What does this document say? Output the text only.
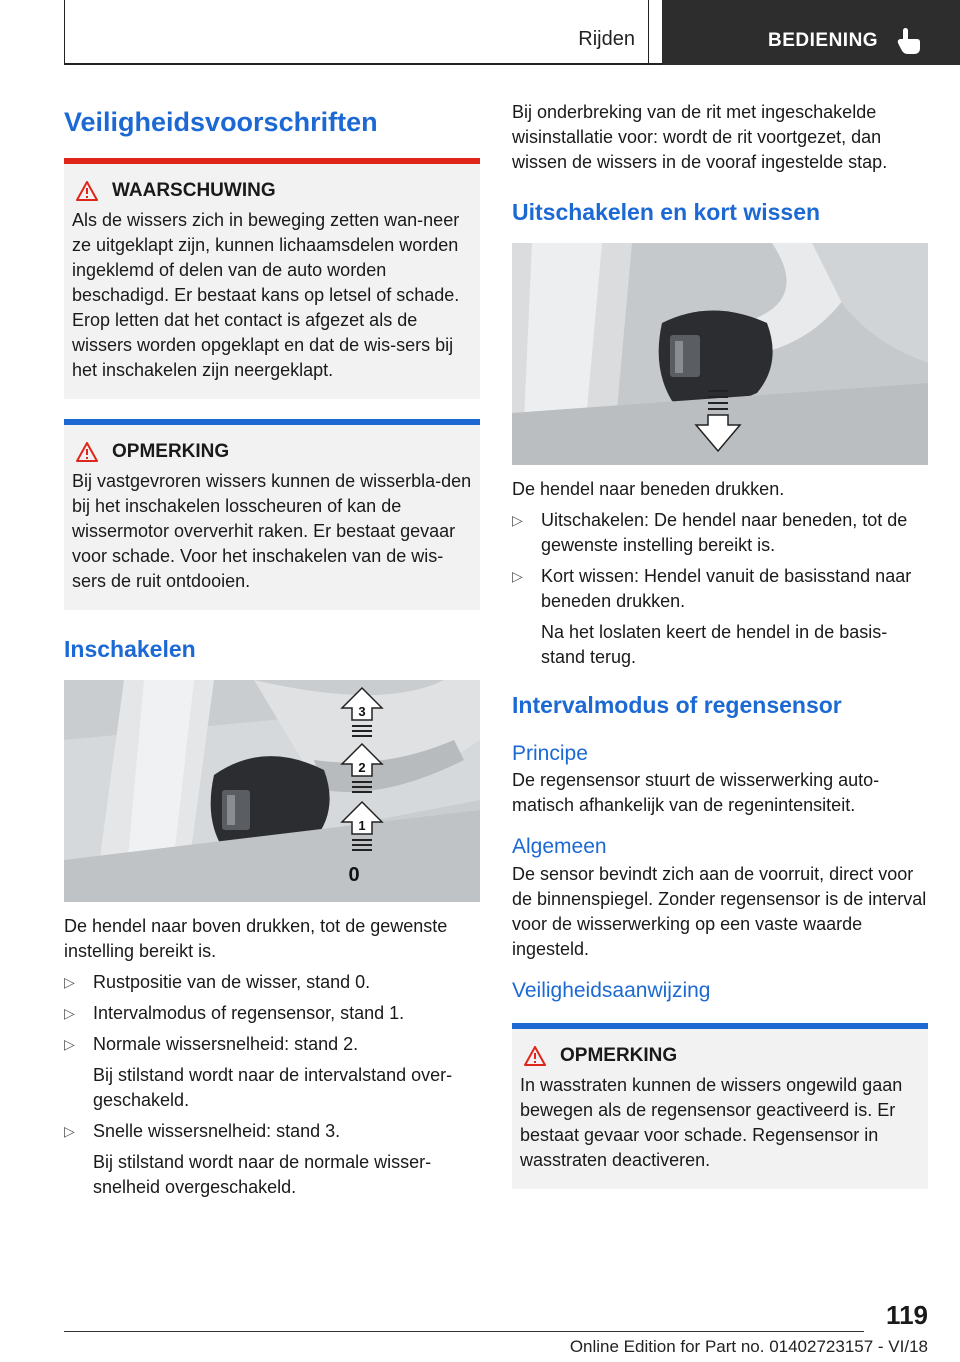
Rijden	BEDIENING
Veiligheidsvoorschriften
WAARSCHUWING

Als de wissers zich in beweging zetten wan-neer ze uitgeklapt zijn, kunnen lichaamsdelen worden ingeklemd of delen van de auto worden beschadigd. Er bestaat kans op letsel of schade. Erop letten dat het contact is afgezet als de wissers worden opgeklapt en dat de wis-sers bij het inschakelen zijn neergeklapt.

OPMERKING

Bij vastgevroren wissers kunnen de wisserbla-den bij het inschakelen losscheuren of kan de wissermotor oververhit raken. Er bestaat gevaar voor schade. Voor het inschakelen van de wis-sers de ruit ontdooien.

Inschakelen
3
2
1
0

De hendel naar boven drukken, tot de gewenste instelling bereikt is.

▷	Rustpositie van de wisser, stand 0.

▷	Intervalmodus of regensensor, stand 1.

▷	Normale wissersnelheid: stand 2.

Bij stilstand wordt naar de intervalstand over-geschakeld.

▷	Snelle wissersnelheid: stand 3.

Bij stilstand wordt naar de normale wisser-snelheid overgeschakeld.

Bij onderbreking van de rit met ingeschakelde wisinstallatie voor: wordt de rit voortgezet, dan wissen de wissers in de vooraf ingestelde stap.

Uitschakelen en kort wissen

De hendel naar beneden drukken.

▷	Uitschakelen: De hendel naar beneden, tot de gewenste instelling bereikt is.

▷	Kort wissen: Hendel vanuit de basisstand naar beneden drukken.

Na het loslaten keert de hendel in de basis-stand terug.

Intervalmodus of regensensor
Principe

De regensensor stuurt de wisserwerking auto-matisch afhankelijk van de regenintensiteit.

Algemeen

De sensor bevindt zich aan de voorruit, direct voor de binnenspiegel. Zonder regensensor is de interval voor de wisserwerking op een vaste waarde ingesteld.

Veiligheidsaanwijzing
OPMERKING

In wasstraten kunnen de wissers ongewild gaan bewegen als de regensensor geactiveerd is. Er bestaat gevaar voor schade. Regensensor in wasstraten deactiveren.

119
Online Edition for Part no. 01402723157 - VI/18
